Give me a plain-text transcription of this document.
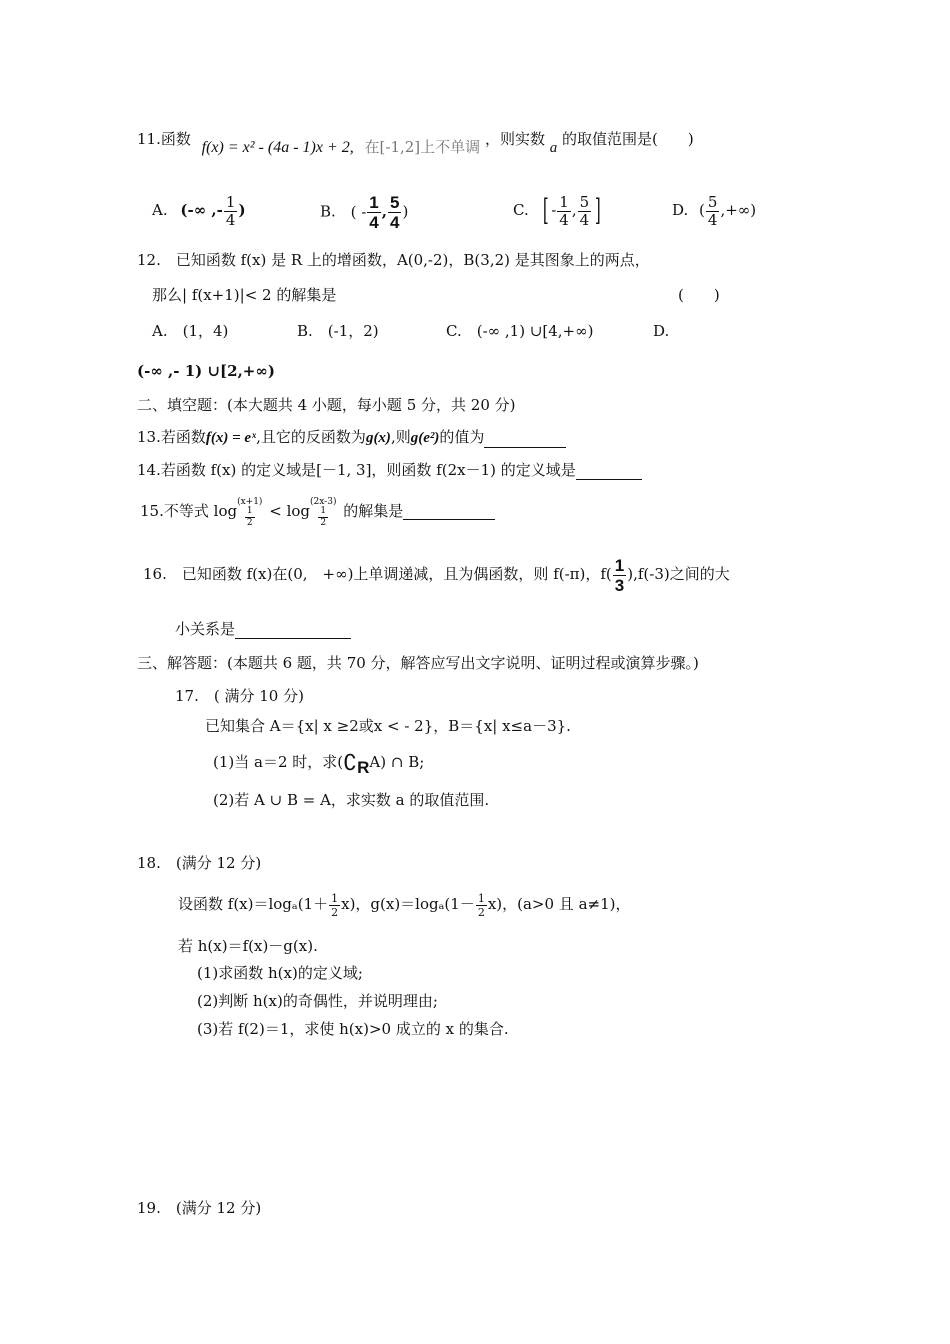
11.函数 f(x) = x² - (4a - 1)x + 2, 在[-1,2]上不单调 ，则实数 a 的取值范围是(　　)
A. (-∞ ,- $\frac{1}{4}$ )	B. ( - $\frac{1}{4}$ , $\frac{5}{4}$ )	C. [ - $\frac{1}{4}$ , $\frac{5}{4}$ ]	D. ( $\frac{5}{4}$ ,+∞)
12.　已知函数 f(x) 是 R 上的增函数，A(0,-2)，B(3,2) 是其图象上的两点，
那么| f(x+1)|< 2 的解集是	(　　)
A.　(1，4)	B.　(-1，2)	C.　(-∞ ,1) ∪[4,+∞)	D.
(-∞ ,- 1) ∪[2,+∞)
二、填空题：(本大题共 4 小题，每小题 5 分，共 20 分)
13.若函数f(x) = eˣ,且它的反函数为g(x),则g(e²)的值为
14.若函数 f(x) 的定义域是[－1, 3]，则函数 f(2x－1) 的定义域是
15.不等式 log
(x+1)
$\frac{1}{2} < \log$
(2x-3)
$\frac{1}{2}$ 的解集是
16.　已知函数 f(x)在(0,　+∞)上单调递减，且为偶函数，则 f(-π)，$f( \frac{1}{3} ),f(-3)$之间的大
小关系是
三、解答题：(本题共 6 题，共 70 分，解答应写出文字说明、证明过程或演算步骤。)
17.　( 满分 10 分)
已知集合 A＝{x| x ≥2或x < - 2}，B＝{x| x≤a－3}.
(1)当 a＝2 时，求(∁RA) ∩ B;
(2)若 A ∪ B = A，求实数 a 的取值范围.
18.　(满分 12 分)
设函数 $f(x)=\log_a(1+ \frac{1}{2} x)$，$g(x)=\log_a(1- \frac{1}{2} x)$，(a>0 且 a≠1)，
若 h(x)＝f(x)－g(x).
(1)求函数 h(x)的定义域;
(2)判断 h(x)的奇偶性，并说明理由;
(3)若 f(2)＝1，求使 h(x)>0 成立的 x 的集合.
19.　(满分 12 分)
